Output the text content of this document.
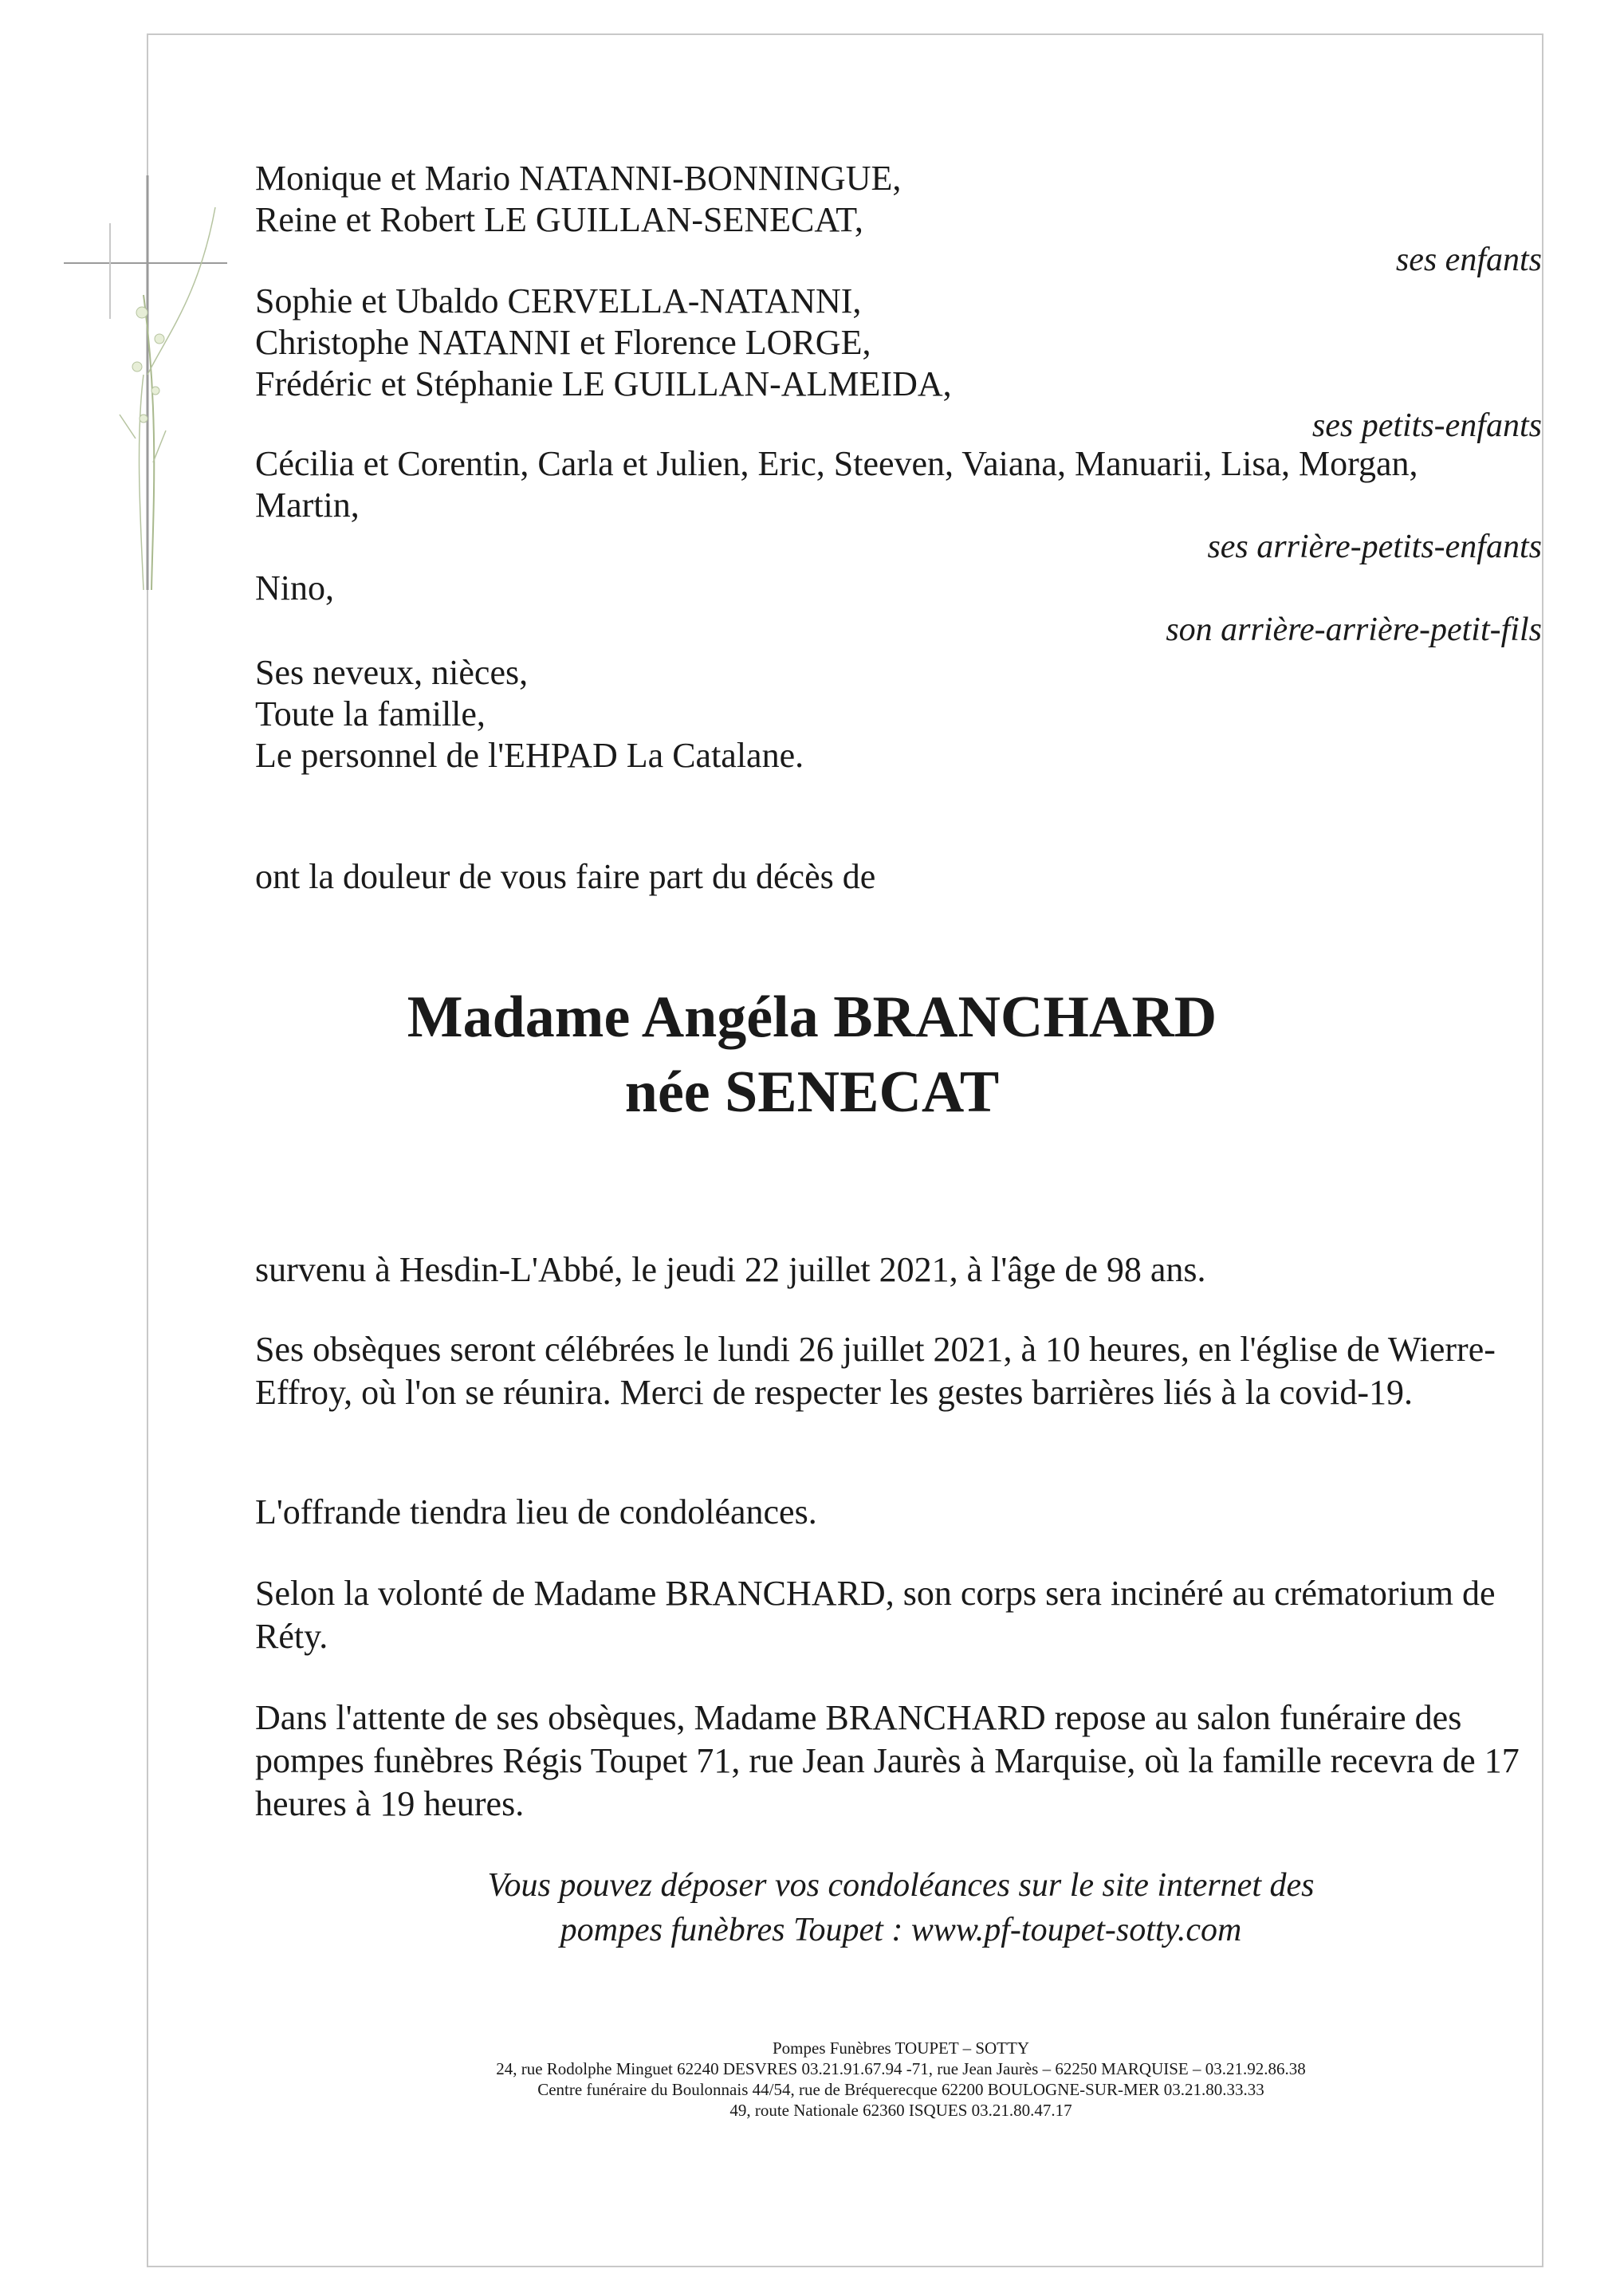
Monique et Mario NATANNI-BONNINGUE,
Reine et Robert LE GUILLAN-SENECAT,
ses enfants
Sophie et Ubaldo CERVELLA-NATANNI,
Christophe NATANNI et Florence LORGE,
Frédéric et Stéphanie LE GUILLAN-ALMEIDA,
ses petits-enfants
Cécilia et Corentin, Carla et Julien, Eric, Steeven, Vaiana, Manuarii, Lisa, Morgan,
Martin,
ses arrière-petits-enfants
Nino,
son arrière-arrière-petit-fils
Ses neveux, nièces,
Toute la famille,
Le personnel de l'EHPAD La Catalane.
ont la douleur de vous faire part du décès de
Madame Angéla BRANCHARD
née SENECAT
survenu à Hesdin-L'Abbé, le jeudi 22 juillet 2021, à l'âge de 98 ans.
Ses obsèques seront célébrées le lundi 26 juillet 2021, à 10 heures, en l'église de Wierre-Effroy, où l'on se réunira. Merci de respecter les gestes barrières liés à la covid-19.
L'offrande tiendra lieu de condoléances.
Selon la volonté de Madame BRANCHARD, son corps sera incinéré au crématorium de Réty.
Dans l'attente de ses obsèques, Madame BRANCHARD repose au salon funéraire des pompes funèbres Régis Toupet 71, rue Jean Jaurès à Marquise, où la famille recevra de 17 heures à 19 heures.
Vous pouvez déposer vos condoléances sur le site internet des
pompes funèbres Toupet : www.pf-toupet-sotty.com
Pompes Funèbres TOUPET – SOTTY
24, rue Rodolphe Minguet 62240 DESVRES 03.21.91.67.94 -71, rue Jean Jaurès – 62250 MARQUISE – 03.21.92.86.38
Centre funéraire du Boulonnais 44/54, rue de Bréquerecque 62200 BOULOGNE-SUR-MER 03.21.80.33.33
49, route Nationale 62360 ISQUES 03.21.80.47.17
